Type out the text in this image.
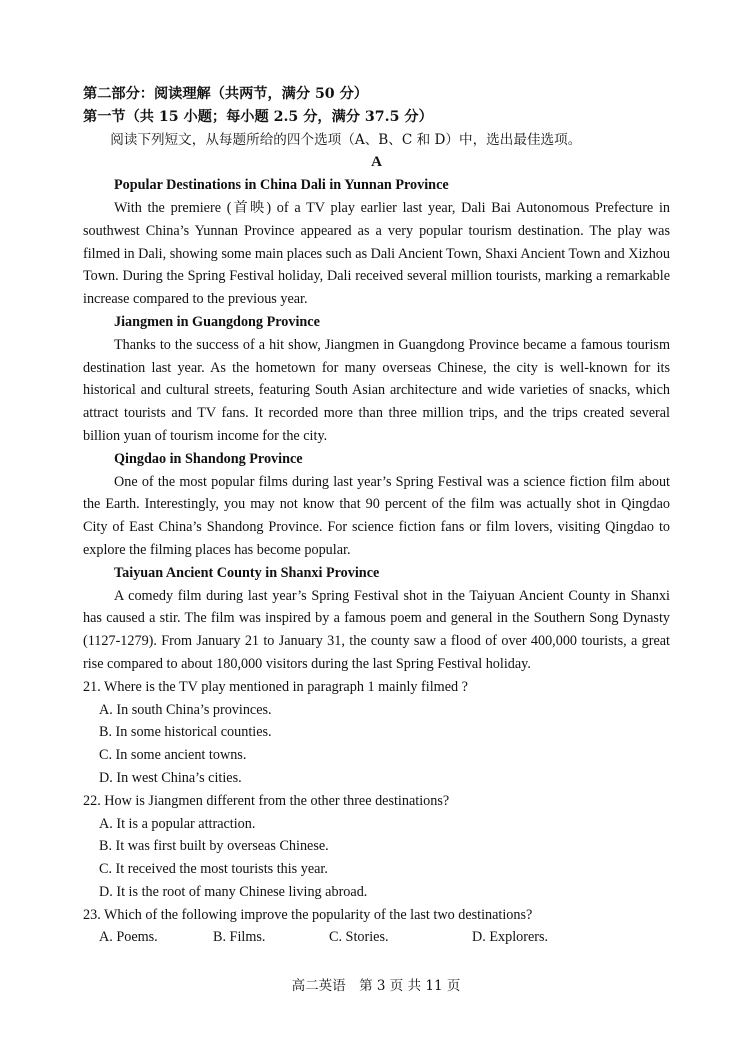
第二部分：阅读理解（共两节，满分 50 分）
第一节（共 15 小题；每小题 2.5 分，满分 37.5 分）
阅读下列短文，从每题所给的四个选项（A、B、C 和 D）中，选出最佳选项。
A
Popular Destinations in China Dali in Yunnan Province

With the premiere (首映) of a TV play earlier last year, Dali Bai Autonomous Prefecture in southwest China’s Yunnan Province appeared as a very popular tourism destination. The play was filmed in Dali, showing some main places such as Dali Ancient Town, Shaxi Ancient Town and Xizhou Town. During the Spring Festival holiday, Dali received several million tourists, marking a remarkable increase compared to the previous year.

Jiangmen in Guangdong Province

Thanks to the success of a hit show, Jiangmen in Guangdong Province became a famous tourism destination last year. As the hometown for many overseas Chinese, the city is well-known for its historical and cultural streets, featuring South Asian architecture and wide varieties of snacks, which attract tourists and TV fans. It recorded more than three million trips, and the trips created several billion yuan of tourism income for the city.

Qingdao in Shandong Province

One of the most popular films during last year’s Spring Festival was a science fiction film about the Earth. Interestingly, you may not know that 90 percent of the film was actually shot in Qingdao City of East China’s Shandong Province. For science fiction fans or film lovers, visiting Qingdao to explore the filming places has become popular.

Taiyuan Ancient County in Shanxi Province

A comedy film during last year’s Spring Festival shot in the Taiyuan Ancient County in Shanxi has caused a stir. The film was inspired by a famous poem and general in the Southern Song Dynasty (1127-1279). From January 21 to January 31, the county saw a flood of over 400,000 tourists, a great rise compared to about 180,000 visitors during the last Spring Festival holiday.

21. Where is the TV play mentioned in paragraph 1 mainly filmed ?

A. In south China’s provinces.
B. In some historical counties.
C. In some ancient towns.
D. In west China’s cities.

22. How is Jiangmen different from the other three destinations?

A. It is a popular attraction.
B. It was first built by overseas Chinese.
C. It received the most tourists this year.
D. It is the root of many Chinese living abroad.

23. Which of the following improve the popularity of the last two destinations?

A. Poems.	B. Films.	C. Stories.	D. Explorers.
高二英语　第 3 页 共 11 页
